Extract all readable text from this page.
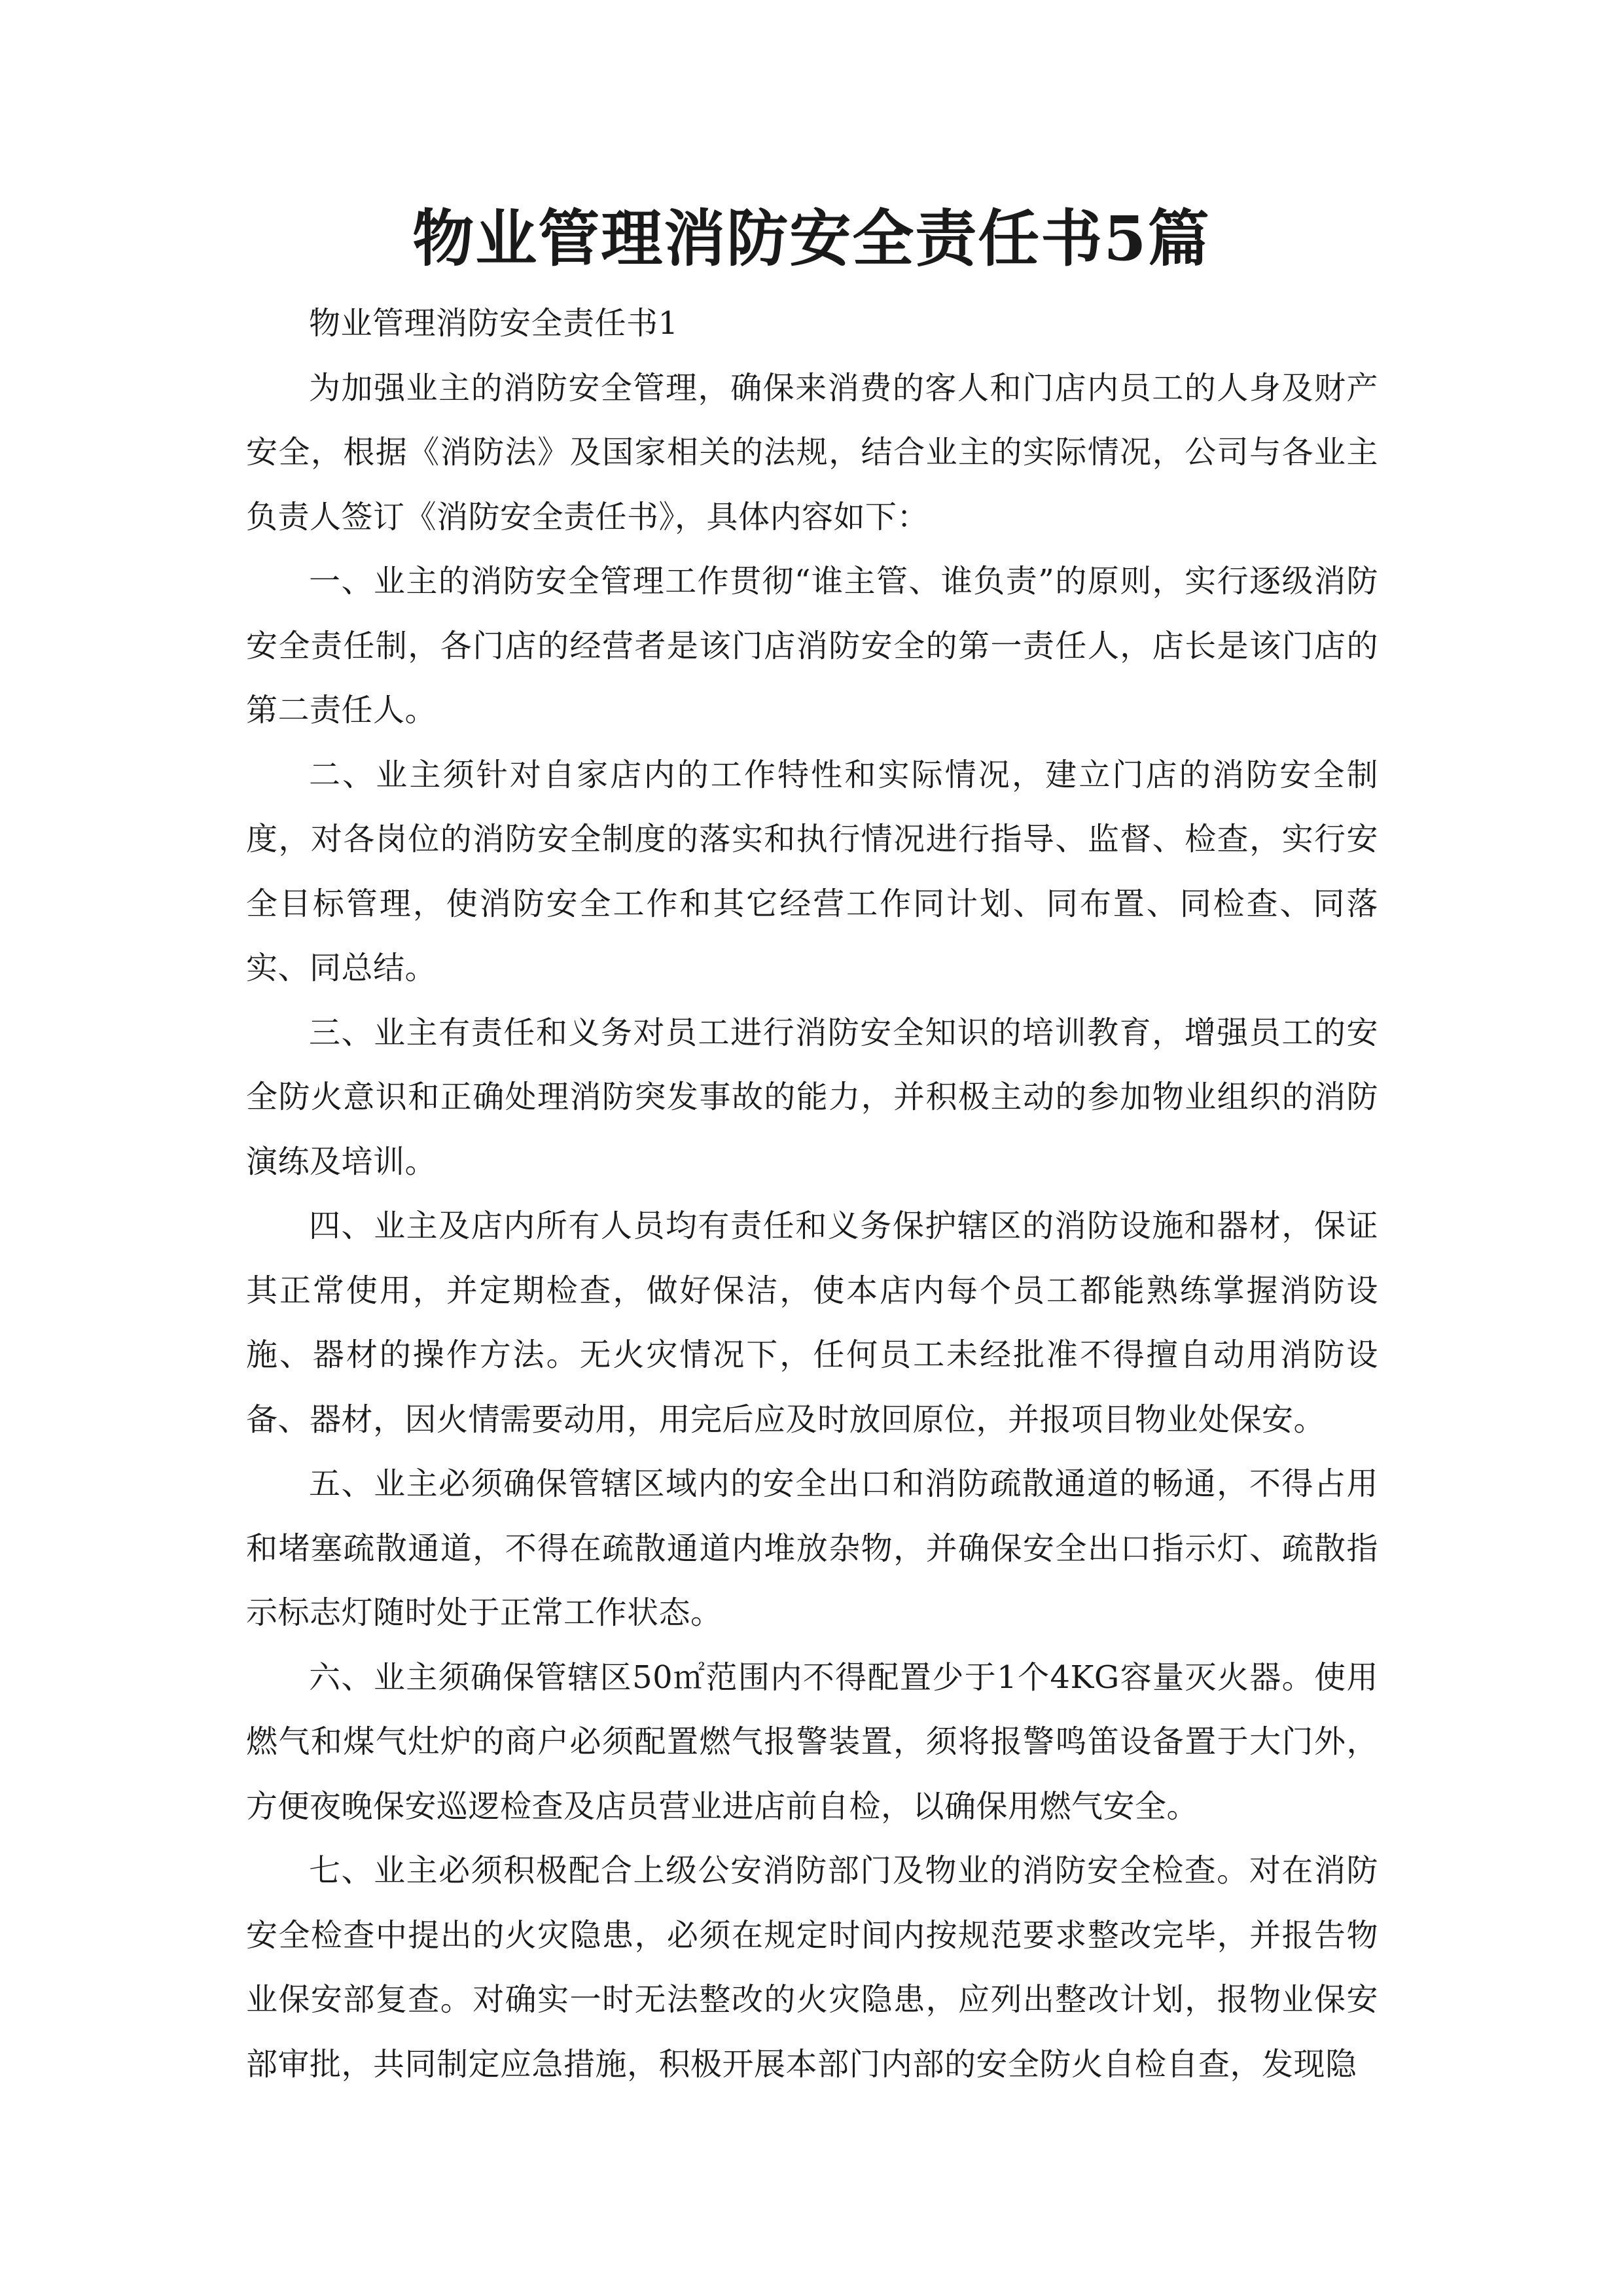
物业管理消防安全责任书5篇

物业管理消防安全责任书1

为加强业主的消防安全管理，确保来消费的客人和门店内员工的人身及财产安全，根据《消防法》及国家相关的法规，结合业主的实际情况，公司与各业主负责人签订《消防安全责任书》，具体内容如下：

一、业主的消防安全管理工作贯彻“谁主管、谁负责”的原则，实行逐级消防安全责任制，各门店的经营者是该门店消防安全的第一责任人，店长是该门店的第二责任人。

二、业主须针对自家店内的工作特性和实际情况，建立门店的消防安全制度，对各岗位的消防安全制度的落实和执行情况进行指导、监督、检查，实行安全目标管理，使消防安全工作和其它经营工作同计划、同布置、同检查、同落实、同总结。

三、业主有责任和义务对员工进行消防安全知识的培训教育，增强员工的安全防火意识和正确处理消防突发事故的能力，并积极主动的参加物业组织的消防演练及培训。

四、业主及店内所有人员均有责任和义务保护辖区的消防设施和器材，保证其正常使用，并定期检查，做好保洁，使本店内每个员工都能熟练掌握消防设施、器材的操作方法。无火灾情况下，任何员工未经批准不得擅自动用消防设备、器材，因火情需要动用，用完后应及时放回原位，并报项目物业处保安。

五、业主必须确保管辖区域内的安全出口和消防疏散通道的畅通，不得占用和堵塞疏散通道，不得在疏散通道内堆放杂物，并确保安全出口指示灯、疏散指示标志灯随时处于正常工作状态。

六、业主须确保管辖区50㎡范围内不得配置少于1个4KG容量灭火器。使用燃气和煤气灶炉的商户必须配置燃气报警装置，须将报警鸣笛设备置于大门外，方便夜晚保安巡逻检查及店员营业进店前自检，以确保用燃气安全。

七、业主必须积极配合上级公安消防部门及物业的消防安全检查。对在消防安全检查中提出的火灾隐患，必须在规定时间内按规范要求整改完毕，并报告物业保安部复查。对确实一时无法整改的火灾隐患，应列出整改计划，报物业保安部审批，共同制定应急措施，积极开展本部门内部的安全防火自检自查，发现隐
